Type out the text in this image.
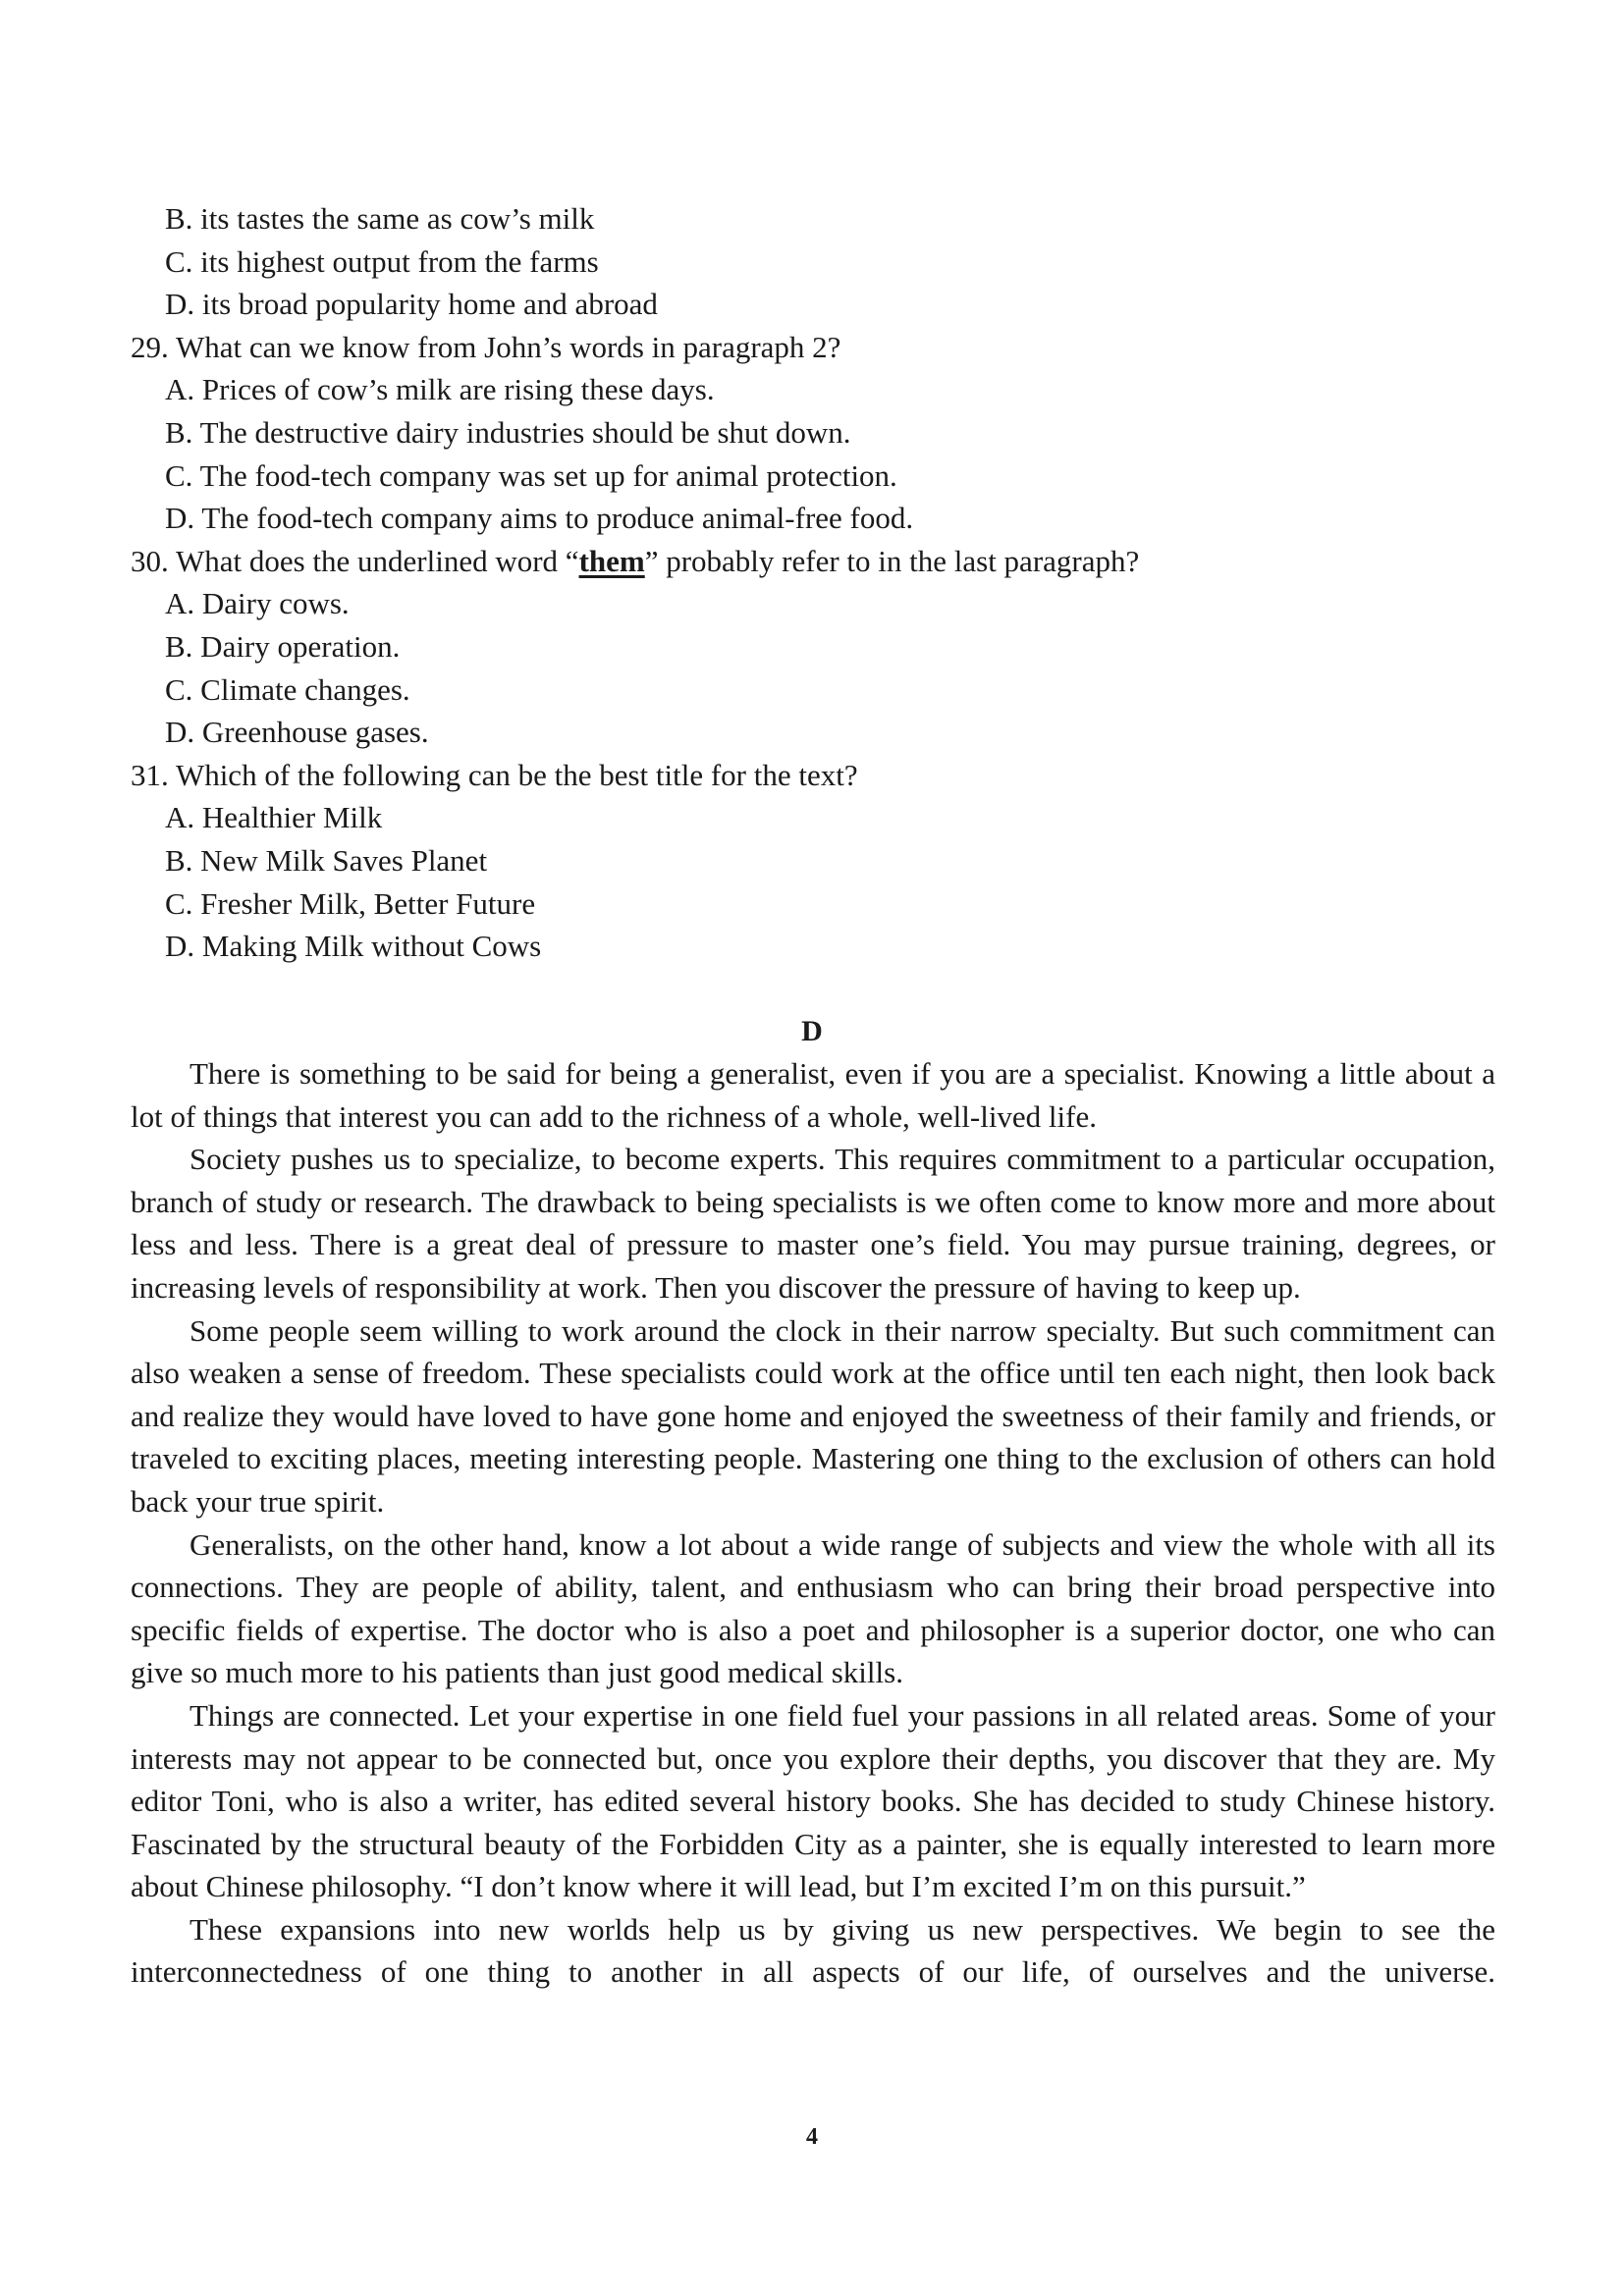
B. its tastes the same as cow’s milk
C. its highest output from the farms
D. its broad popularity home and abroad
29. What can we know from John’s words in paragraph 2?
A. Prices of cow’s milk are rising these days.
B. The destructive dairy industries should be shut down.
C. The food-tech company was set up for animal protection.
D. The food-tech company aims to produce animal-free food.
30. What does the underlined word “them” probably refer to in the last paragraph?
A. Dairy cows.
B. Dairy operation.
C. Climate changes.
D. Greenhouse gases.
31. Which of the following can be the best title for the text?
A. Healthier Milk
B. New Milk Saves Planet
C. Fresher Milk, Better Future
D. Making Milk without Cows
D

There is something to be said for being a generalist, even if you are a specialist. Knowing a little about a lot of things that interest you can add to the richness of a whole, well-lived life.

Society pushes us to specialize, to become experts. This requires commitment to a particular occupation, branch of study or research. The drawback to being specialists is we often come to know more and more about less and less. There is a great deal of pressure to master one’s field. You may pursue training, degrees, or increasing levels of responsibility at work. Then you discover the pressure of having to keep up.

Some people seem willing to work around the clock in their narrow specialty. But such commitment can also weaken a sense of freedom. These specialists could work at the office until ten each night, then look back and realize they would have loved to have gone home and enjoyed the sweetness of their family and friends, or traveled to exciting places, meeting interesting people. Mastering one thing to the exclusion of others can hold back your true spirit.

Generalists, on the other hand, know a lot about a wide range of subjects and view the whole with all its connections. They are people of ability, talent, and enthusiasm who can bring their broad perspective into specific fields of expertise. The doctor who is also a poet and philosopher is a superior doctor, one who can give so much more to his patients than just good medical skills.

Things are connected. Let your expertise in one field fuel your passions in all related areas. Some of your interests may not appear to be connected but, once you explore their depths, you discover that they are. My editor Toni, who is also a writer, has edited several history books. She has decided to study Chinese history. Fascinated by the structural beauty of the Forbidden City as a painter, she is equally interested to learn more about Chinese philosophy. “I don’t know where it will lead, but I’m excited I’m on this pursuit.”

These expansions into new worlds help us by giving us new perspectives. We begin to see the interconnectedness of one thing to another in all aspects of our life, of ourselves and the universe.

4
